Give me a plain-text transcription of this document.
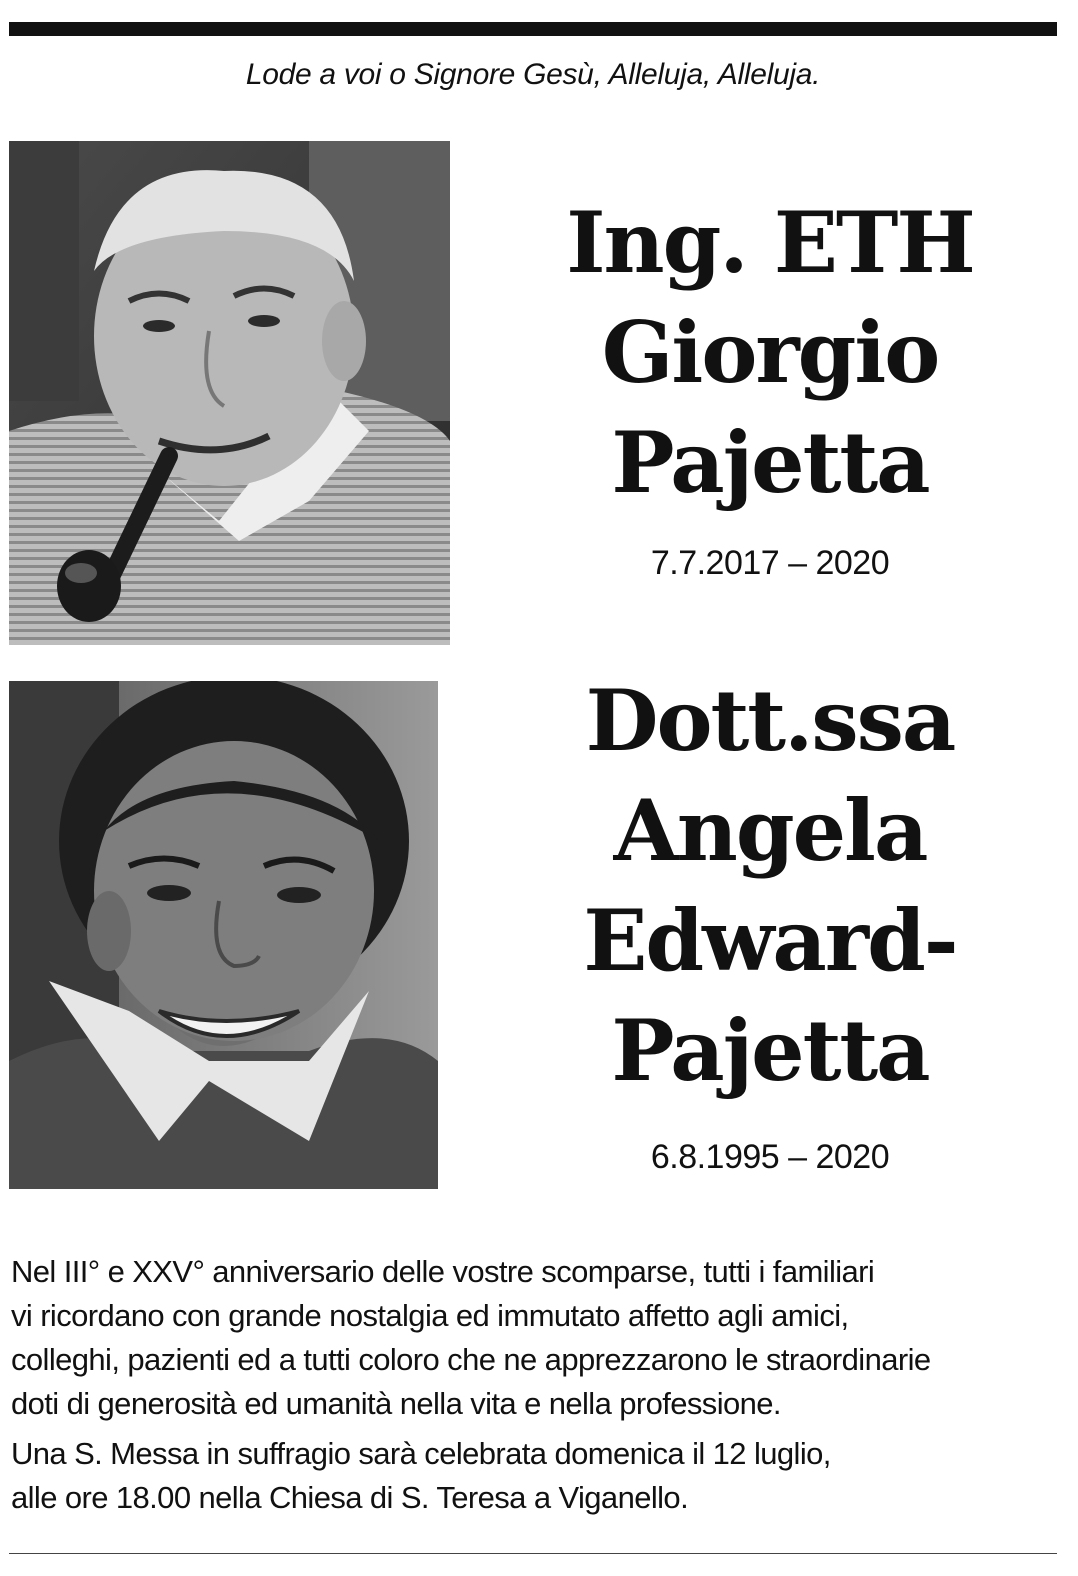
Lode a voi o Signore Gesù, Alleluja, Alleluja.
Ing. ETH
Giorgio
Pajetta
7.7.2017 – 2020
Dott.ssa
Angela
Edward-
Pajetta
6.8.1995 – 2020

Nel III° e XXV° anniversario delle vostre scomparse, tutti i familiari
vi ricordano con grande nostalgia ed immutato affetto agli amici,
colleghi, pazienti ed a tutti coloro che ne apprezzarono le straordinarie
doti di generosità ed umanità nella vita e nella professione.

Una S. Messa in suffragio sarà celebrata domenica il 12 luglio,
alle ore 18.00 nella Chiesa di S. Teresa a Viganello.
